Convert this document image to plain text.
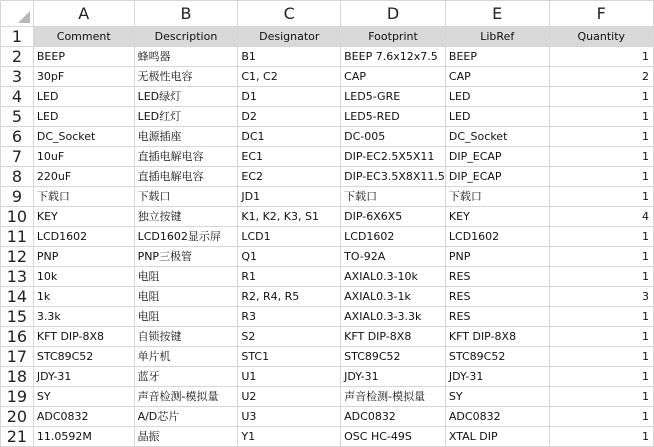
	A	B	C	D	E	F
1	Comment	Description	Designator	Footprint	LibRef	Quantity
2	BEEP	蜂鸣器	B1	BEEP 7.6x12x7.5	BEEP	1
3	30pF	无极性电容	C1, C2	CAP	CAP	2
4	LED	LED绿灯	D1	LED5-GRE	LED	1
5	LED	LED红灯	D2	LED5-RED	LED	1
6	DC_Socket	电源插座	DC1	DC-005	DC_Socket	1
7	10uF	直插电解电容	EC1	DIP-EC2.5X5X11	DIP_ECAP	1
8	220uF	直插电解电容	EC2	DIP-EC3.5X8X11.5	DIP_ECAP	1
9	下载口	下载口	JD1	下载口	下载口	1
10	KEY	独立按键	K1, K2, K3, S1	DIP-6X6X5	KEY	4
11	LCD1602	LCD1602显示屏	LCD1	LCD1602	LCD1602	1
12	PNP	PNP三极管	Q1	TO-92A	PNP	1
13	10k	电阻	R1	AXIAL0.3-10k	RES	1
14	1k	电阻	R2, R4, R5	AXIAL0.3-1k	RES	3
15	3.3k	电阻	R3	AXIAL0.3-3.3k	RES	1
16	KFT DIP-8X8	自锁按键	S2	KFT DIP-8X8	KFT DIP-8X8	1
17	STC89C52	单片机	STC1	STC89C52	STC89C52	1
18	JDY-31	蓝牙	U1	JDY-31	JDY-31	1
19	SY	声音检测-模拟量	U2	声音检测-模拟量	SY	1
20	ADC0832	A/D芯片	U3	ADC0832	ADC0832	1
21	11.0592M	晶振	Y1	OSC HC-49S	XTAL DIP	1
